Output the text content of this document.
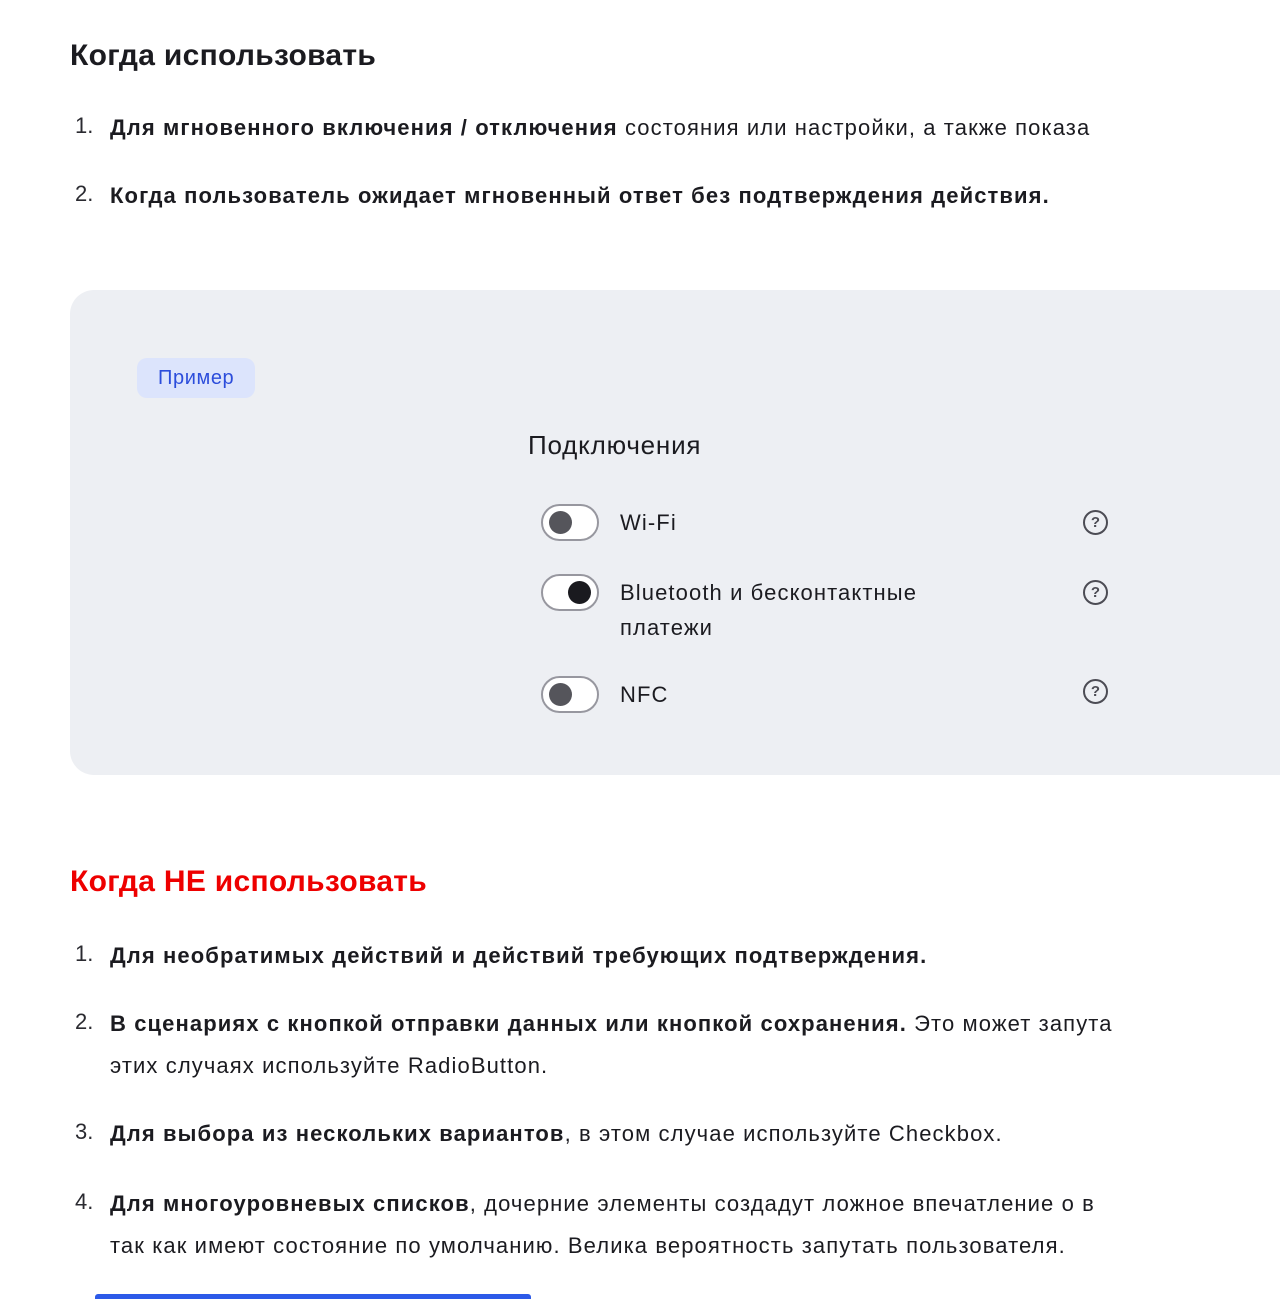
Когда использовать
1. Для мгновенного включения / отключения состояния или настройки, а также показа
2. Когда пользователь ожидает мгновенный ответ без подтверждения действия.
Пример
Подключения
Wi-Fi	?
Bluetooth и бесконтактные
платежи
?
NFC	?
Когда НЕ использовать
1. Для необратимых действий и действий требующих подтверждения.
2. В сценариях с кнопкой отправки данных или кнопкой сохранения. Это может запута
этих случаях используйте RadioButton.
3. Для выбора из нескольких вариантов, в этом случае используйте Checkbox.
4. Для многоуровневых списков, дочерние элементы создадут ложное впечатление о в
так как имеют состояние по умолчанию. Велика вероятность запутать пользователя.
